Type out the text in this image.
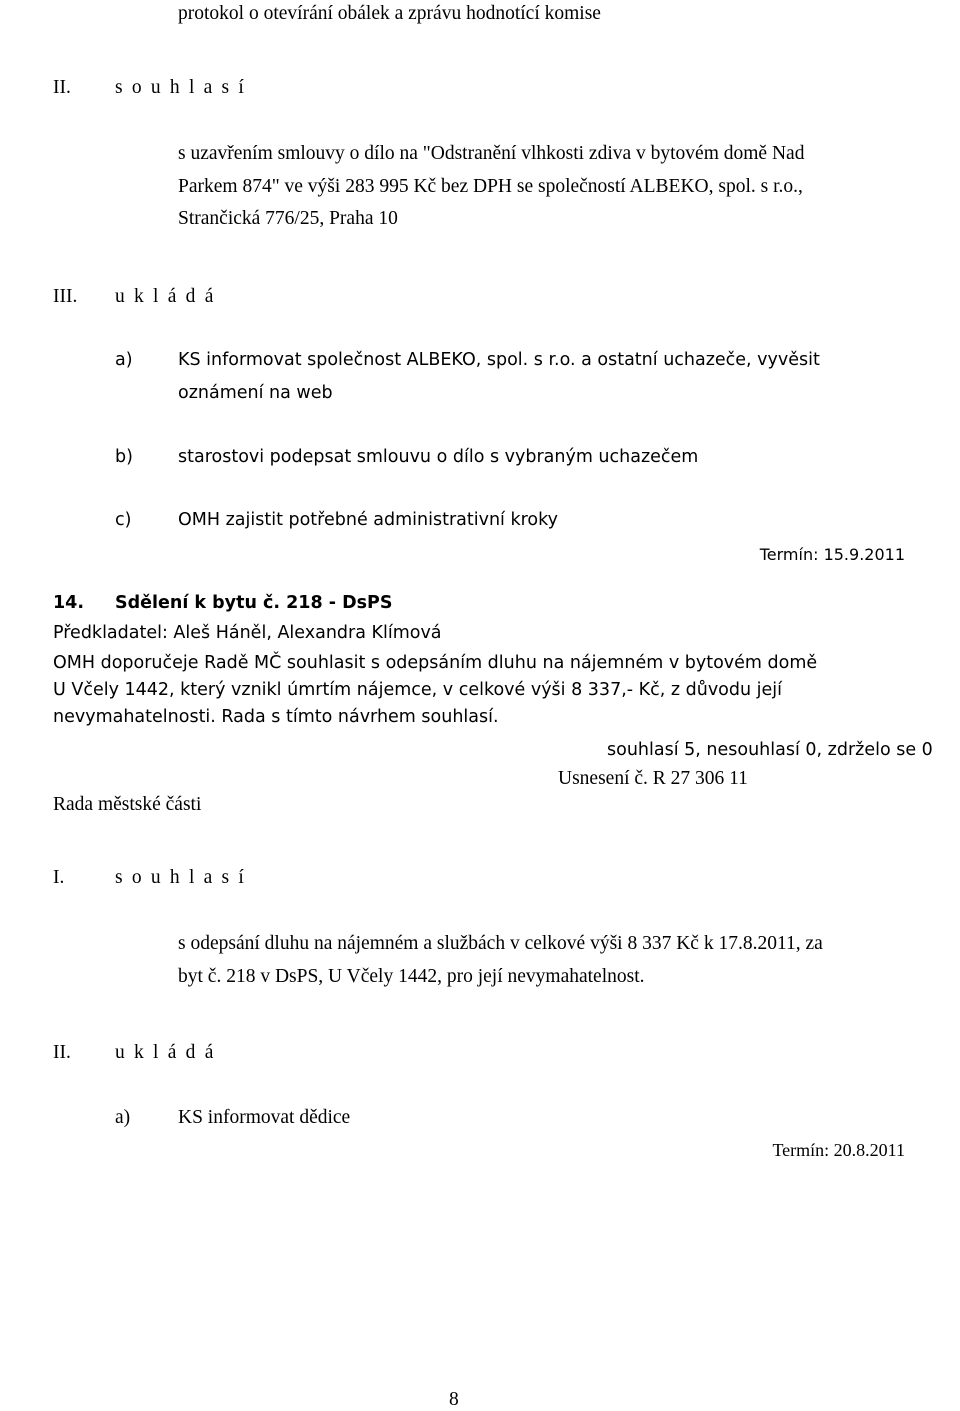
protokol o otevírání obálek a zprávu hodnotící komise
II. s o u h l a s í
s uzavřením smlouvy o dílo na "Odstranění vlhkosti zdiva v bytovém domě Nad
Parkem 874" ve výši 283 995 Kč bez DPH se společností ALBEKO, spol. s r.o.,
Strančická 776/25, Praha 10
III. u k l á d á
a)	KS informovat společnost ALBEKO, spol. s r.o. a ostatní uchazeče, vyvěsit
oznámení na web
b)	starostovi podepsat smlouvu o dílo s vybraným uchazečem
c)	OMH zajistit potřebné administrativní kroky
Termín: 15.9.2011
14. Sdělení k bytu č. 218 - DsPS
Předkladatel: Aleš Háněl, Alexandra Klímová
OMH doporučeje Radě MČ souhlasit s odepsáním dluhu na nájemném v bytovém domě
U Včely 1442, který vznikl úmrtím nájemce, v celkové výši 8 337,- Kč, z důvodu její
nevymahatelnosti. Rada s tímto návrhem souhlasí.
souhlasí 5, nesouhlasí 0, zdrželo se 0
Usnesení č. R 27 306 11
Rada městské části
I.	s o u h l a s í
s odepsání dluhu na nájemném a službách v celkové výši 8 337 Kč k 17.8.2011, za
byt č. 218 v DsPS, U Včely 1442, pro její nevymahatelnost.
II. u k l á d á
a) KS informovat dědice
Termín: 20.8.2011
8
